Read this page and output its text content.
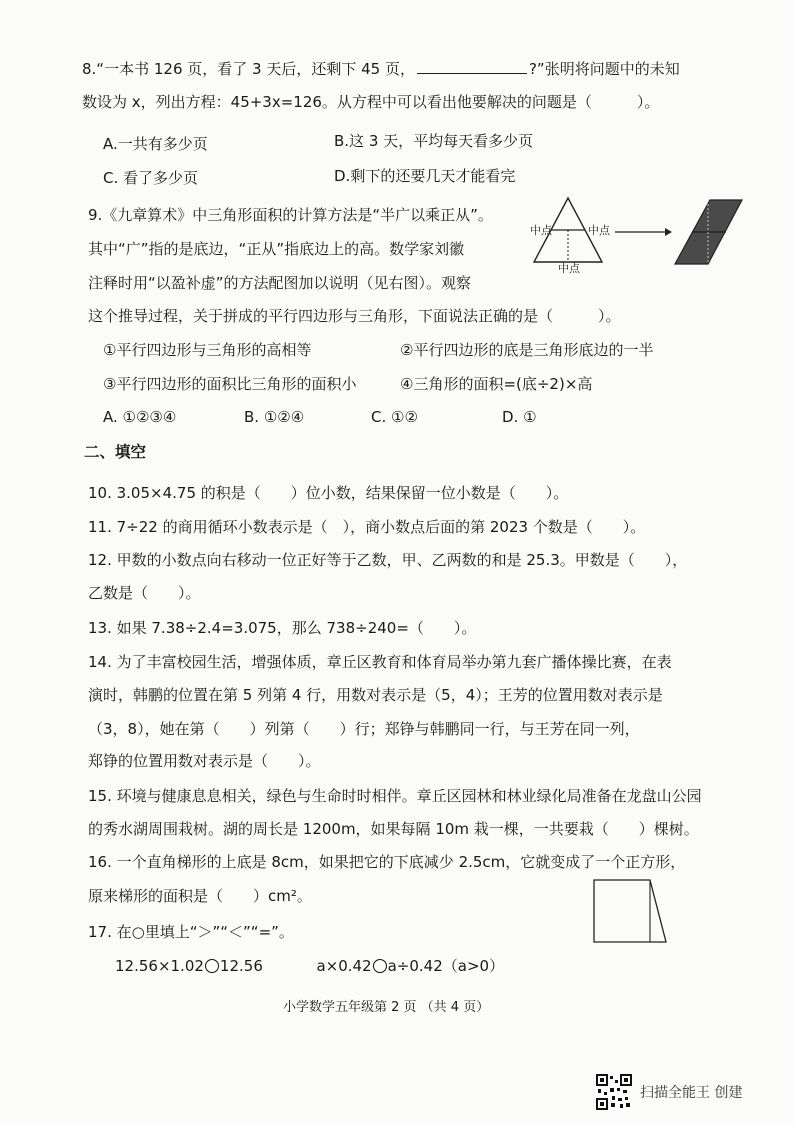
8.“一本书 126 页，看了 3 天后，还剩下 45 页，	?”张明将问题中的未知
数设为 x，列出方程：45+3x=126。从方程中可以看出他要解决的问题是（　　　）。
A.一共有多少页	B.这 3 天，平均每天看多少页
C. 看了多少页	D.剩下的还要几天才能看完
9.《九章算术》中三角形面积的计算方法是“半广以乘正从”。
其中“广”指的是底边，“正从”指底边上的高。数学家刘徽
注释时用“以盈补虚”的方法配图加以说明（见右图）。观察
这个推导过程，关于拼成的平行四边形与三角形，下面说法正确的是（　　　）。
中点	中点
中点
①平行四边形与三角形的高相等	②平行四边形的底是三角形底边的一半
③平行四边形的面积比三角形的面积小	④三角形的面积=(底÷2)×高
A. ①②③④	B. ①②④	C. ①②	D. ①
二、填空
10. 3.05×4.75 的积是（　　）位小数，结果保留一位小数是（　　）。
11. 7÷22 的商用循环小数表示是（　），商小数点后面的第 2023 个数是（　　）。
12. 甲数的小数点向右移动一位正好等于乙数，甲、乙两数的和是 25.3。甲数是（　　），
乙数是（　　）。
13. 如果 7.38÷2.4=3.075，那么 738÷240=（　　）。
14. 为了丰富校园生活，增强体质，章丘区教育和体育局举办第九套广播体操比赛，在表
演时，韩鹏的位置在第 5 列第 4 行，用数对表示是（5，4）；王芳的位置用数对表示是
（3，8），她在第（　　）列第（　　）行；郑铮与韩鹏同一行，与王芳在同一列，
郑铮的位置用数对表示是（　　）。
15. 环境与健康息息相关，绿色与生命时时相伴。章丘区园林和林业绿化局准备在龙盘山公园
的秀水湖周围栽树。湖的周长是 1200m，如果每隔 10m 栽一棵，一共要栽（　　）棵树。
16. 一个直角梯形的上底是 8cm，如果把它的下底减少 2.5cm，它就变成了一个正方形，
原来梯形的面积是（　　）cm²。
17. 在○里填上“＞”“＜”“=”。
12.56×1.02 12.56	a×0.42 a÷0.42（a>0）
小学数学五年级第 2 页 （共 4 页）
扫描全能王 创建
